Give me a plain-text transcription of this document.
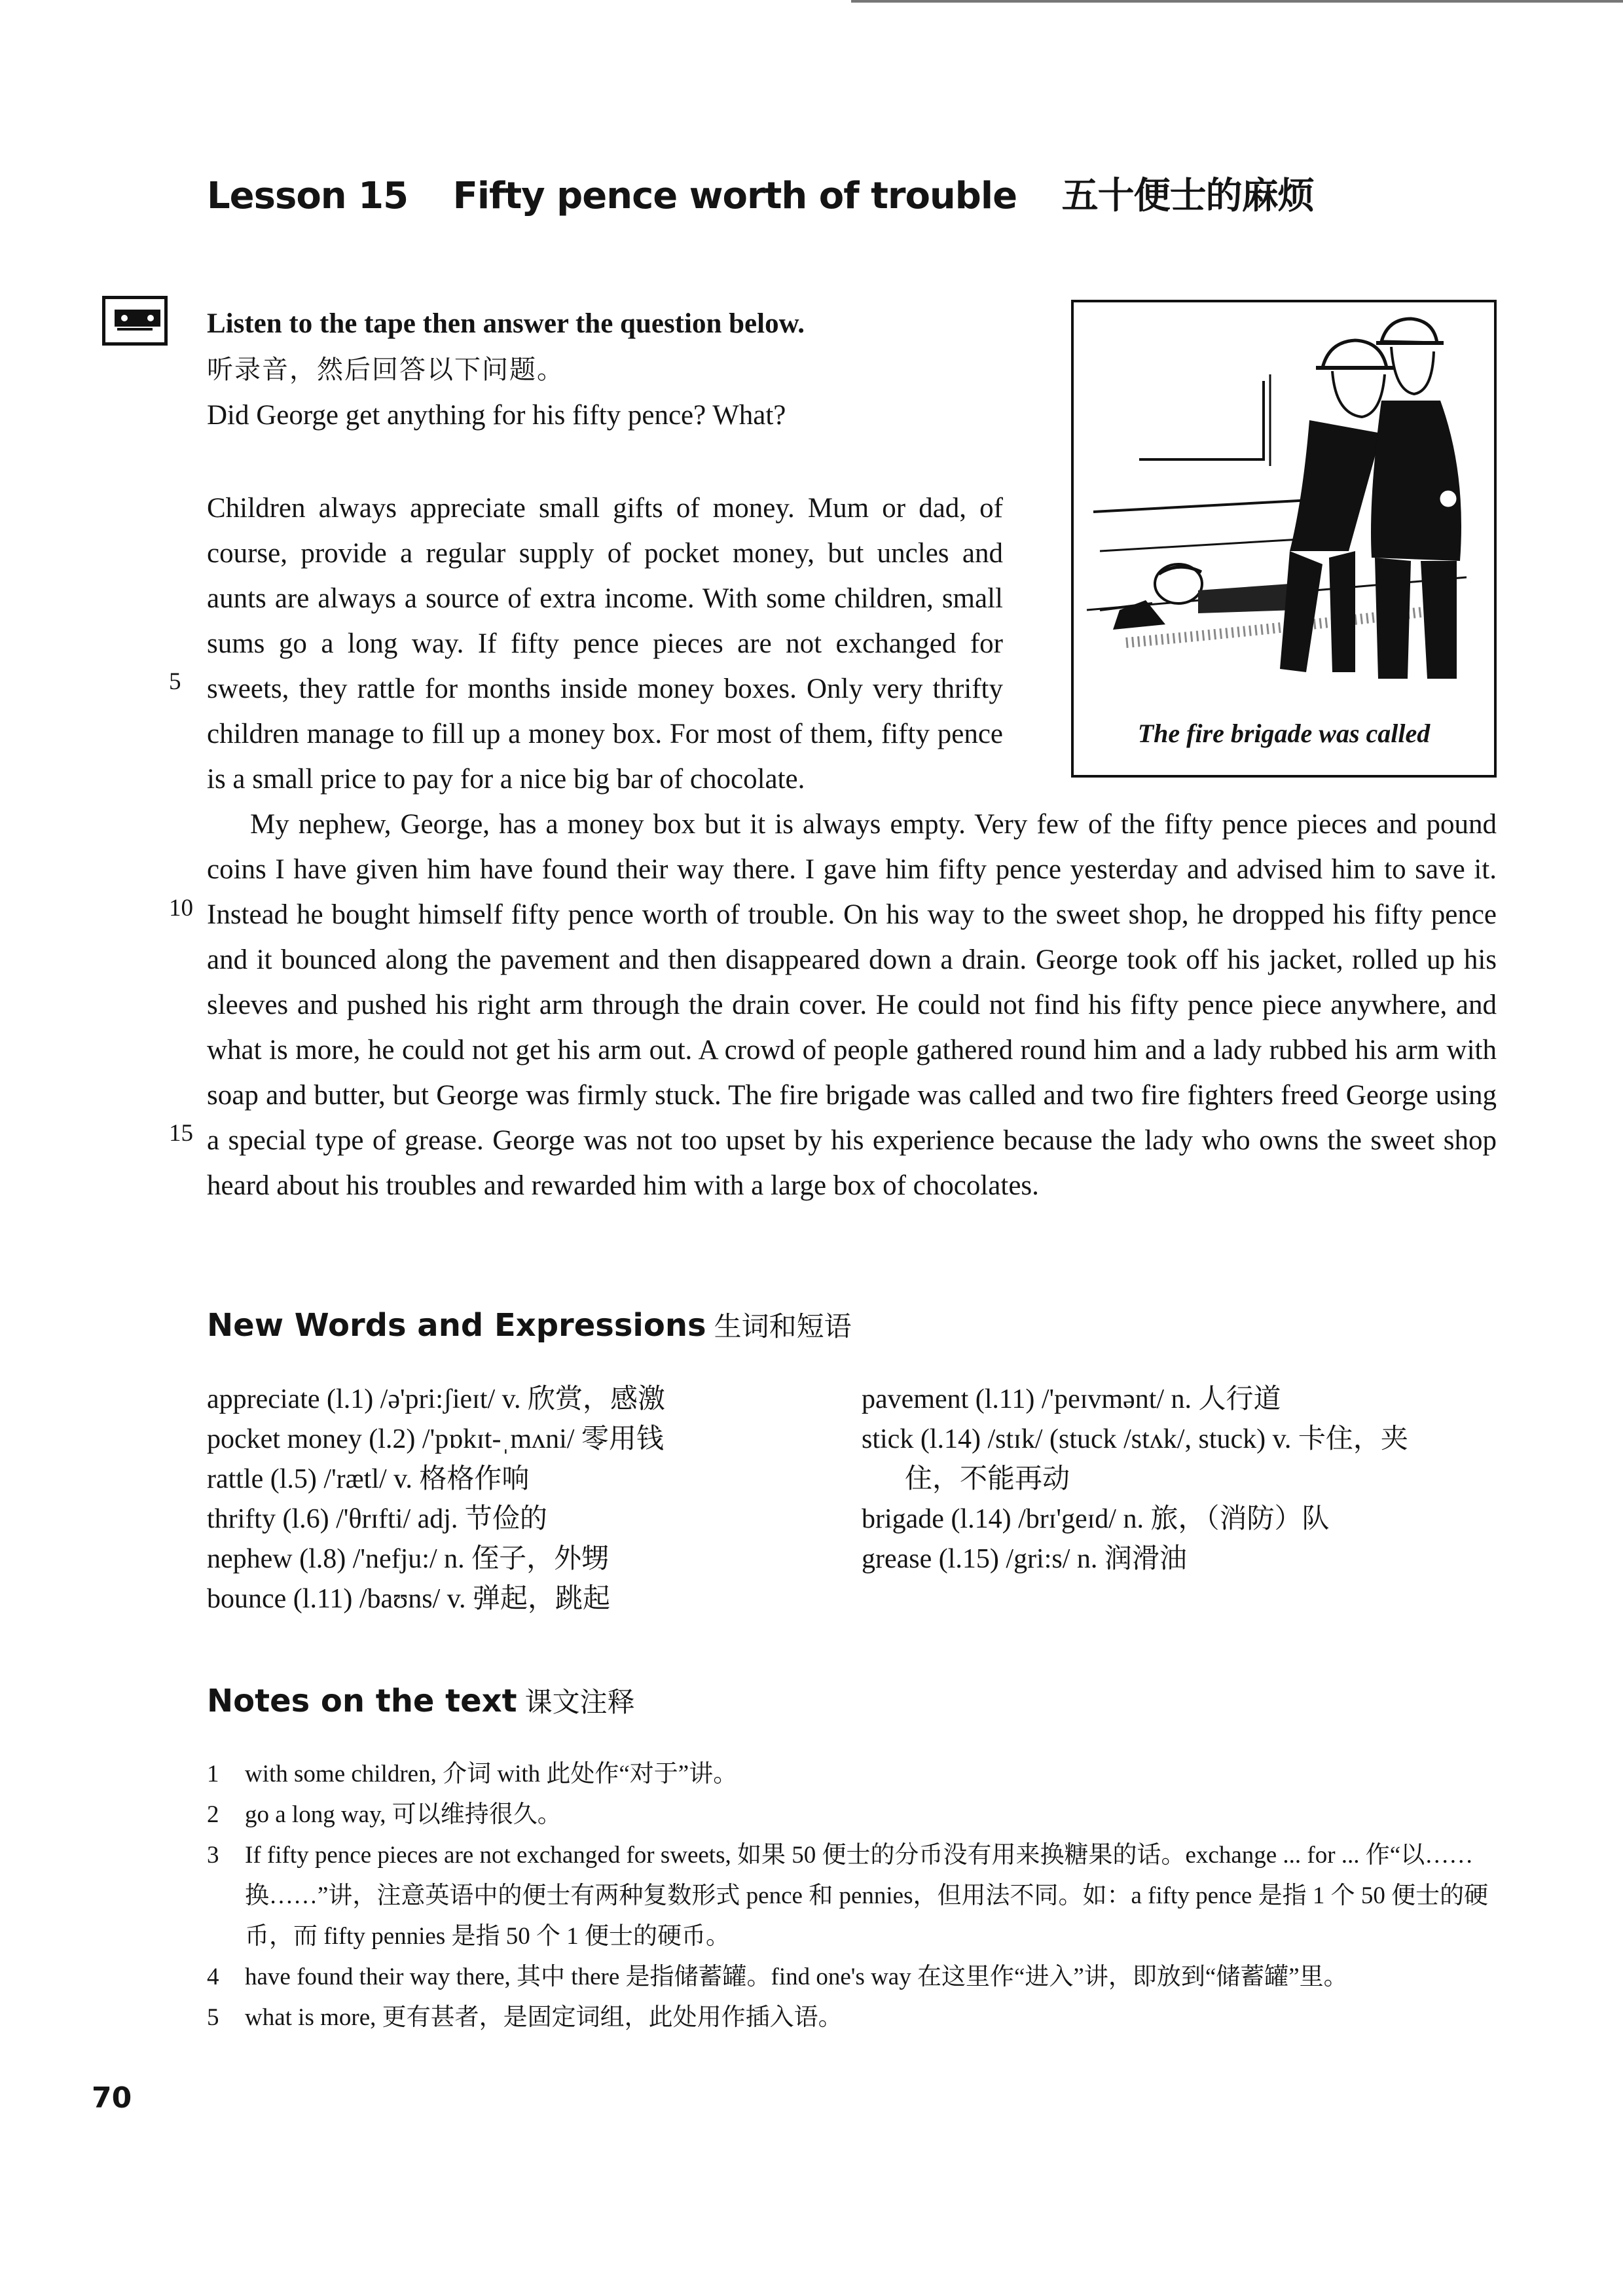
Lesson 15 Fifty pence worth of trouble 五十便士的麻烦
Listen to the tape then answer the question below.
听录音，然后回答以下问题。
Did George get anything for his fifty pence? What?
The fire brigade was called

Children always appreciate small gifts of money. Mum or dad, of course, provide a regular supply of pocket money, but uncles and aunts are always a source of extra income. With some children, small sums go a long way. If fifty pence pieces are not exchanged for sweets, they rattle for months inside money boxes. Only very thrifty children manage to fill up a money box. For most of them, fifty pence is a small price to pay for a nice big bar of chocolate.

My nephew, George, has a money box but it is always empty. Very few of the fifty pence pieces and pound coins I have given him have found their way there. I gave him fifty pence yesterday and advised him to save it. Instead he bought himself fifty pence worth of trouble. On his way to the sweet shop, he dropped his fifty pence and it bounced along the pavement and then disappeared down a drain. George took off his jacket, rolled up his sleeves and pushed his right arm through the drain cover. He could not find his fifty pence piece anywhere, and what is more, he could not get his arm out. A crowd of people gathered round him and a lady rubbed his arm with soap and butter, but George was firmly stuck. The fire brigade was called and two fire fighters freed George using a special type of grease. George was not too upset by his experience because the lady who owns the sweet shop heard about his troubles and rewarded him with a large box of chocolates.

5
10
15
New Words and Expressions 生词和短语
appreciate (l.1) /ə'pri:ʃieɪt/ v. 欣赏，感激
pocket money (l.2) /'pɒkɪt-ˌmʌni/ 零用钱
rattle (l.5) /'rætl/ v. 格格作响
thrifty (l.6) /'θrɪfti/ adj. 节俭的
nephew (l.8) /'nefju:/ n. 侄子，外甥
bounce (l.11) /baʊns/ v. 弹起，跳起
pavement (l.11) /'peɪvmənt/ n. 人行道
stick (l.14) /stɪk/ (stuck /stʌk/, stuck) v. 卡住，夹
住，不能再动
brigade (l.14) /brɪ'geɪd/ n. 旅，（消防）队
grease (l.15) /gri:s/ n. 润滑油
Notes on the text 课文注释
1 with some children, 介词 with 此处作“对于”讲。
2 go a long way, 可以维持很久。
3 If fifty pence pieces are not exchanged for sweets, 如果 50 便士的分币没有用来换糖果的话。exchange ... for ... 作“以……换……”讲，注意英语中的便士有两种复数形式 pence 和 pennies，但用法不同。如：a fifty pence 是指 1 个 50 便士的硬币，而 fifty pennies 是指 50 个 1 便士的硬币。
4 have found their way there, 其中 there 是指储蓄罐。find one's way 在这里作“进入”讲，即放到“储蓄罐”里。
5 what is more, 更有甚者，是固定词组，此处用作插入语。
70
